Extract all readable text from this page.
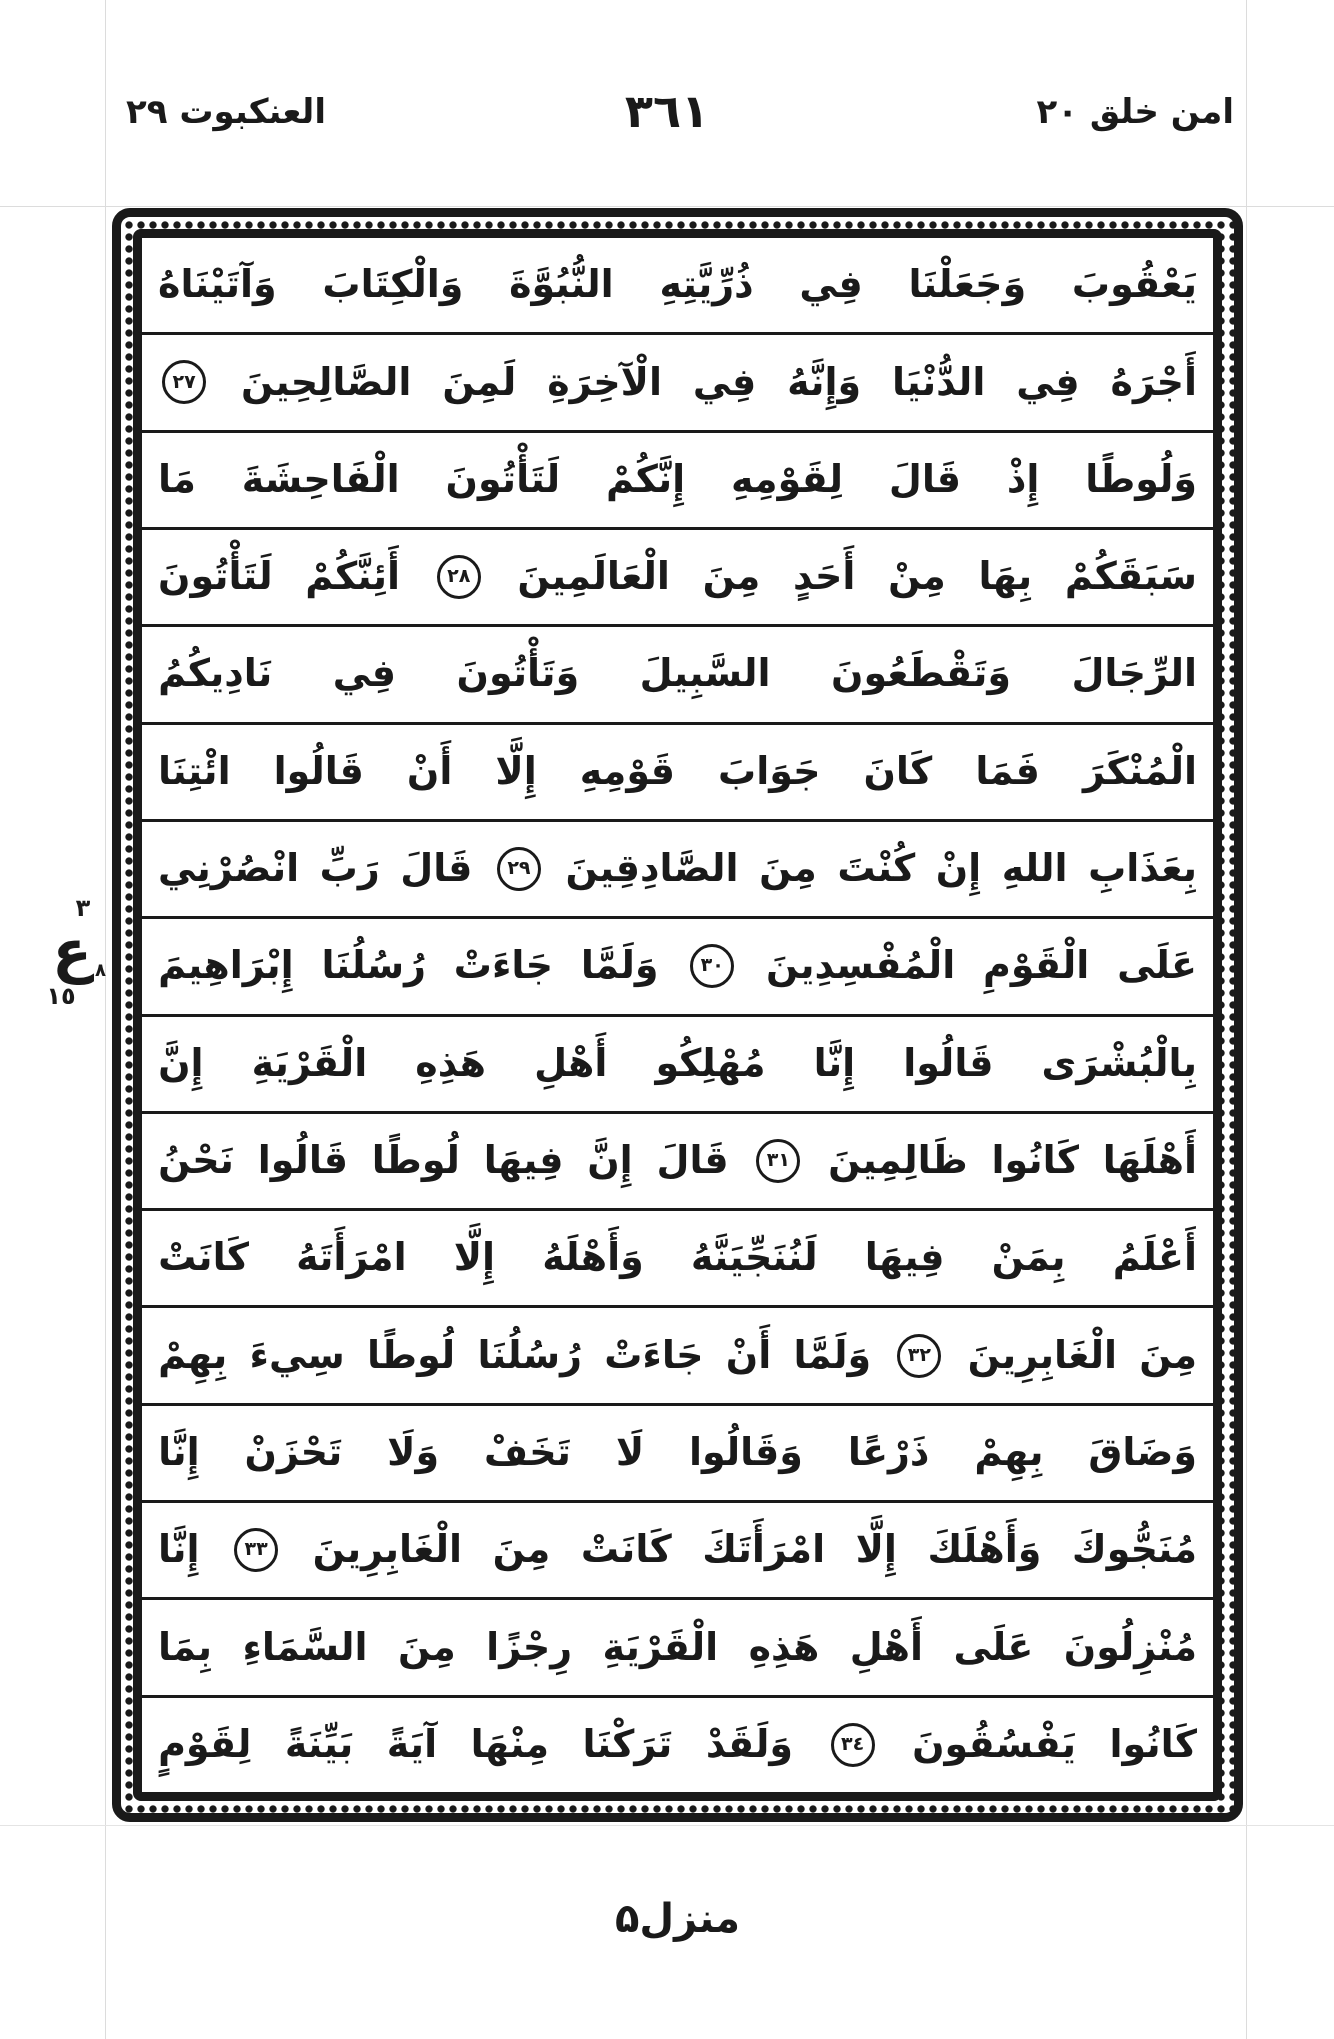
العنكبوت ٢٩	٣٦١	امن خلق ٢٠
يَعْقُوبَ
وَجَعَلْنَا
فِي
ذُرِّيَّتِهِ
النُّبُوَّةَ
وَالْكِتَابَ
وَآتَيْنَاهُ
أَجْرَهُ
فِي
الدُّنْيَا
وَإِنَّهُ
فِي
الْآخِرَةِ
لَمِنَ
الصَّالِحِينَ
٢٧
وَلُوطًا
إِذْ
قَالَ
لِقَوْمِهِ
إِنَّكُمْ
لَتَأْتُونَ
الْفَاحِشَةَ
مَا
سَبَقَكُمْ
بِهَا
مِنْ
أَحَدٍ
مِنَ
الْعَالَمِينَ
٢٨
أَئِنَّكُمْ
لَتَأْتُونَ
الرِّجَالَ
وَتَقْطَعُونَ
السَّبِيلَ
وَتَأْتُونَ
فِي
نَادِيكُمُ
الْمُنْكَرَ
فَمَا
كَانَ
جَوَابَ
قَوْمِهِ
إِلَّا
أَنْ
قَالُوا
ائْتِنَا
بِعَذَابِ
اللهِ
إِنْ
كُنْتَ
مِنَ
الصَّادِقِينَ
٢٩
قَالَ
رَبِّ
انْصُرْنِي
عَلَى
الْقَوْمِ
الْمُفْسِدِينَ
٣٠
وَلَمَّا
جَاءَتْ
رُسُلُنَا
إِبْرَاهِيمَ
بِالْبُشْرَى
قَالُوا
إِنَّا
مُهْلِكُو
أَهْلِ
هَذِهِ
الْقَرْيَةِ
إِنَّ
أَهْلَهَا
كَانُوا
ظَالِمِينَ
٣١
قَالَ
إِنَّ
فِيهَا
لُوطًا
قَالُوا
نَحْنُ
أَعْلَمُ
بِمَنْ
فِيهَا
لَنُنَجِّيَنَّهُ
وَأَهْلَهُ
إِلَّا
امْرَأَتَهُ
كَانَتْ
مِنَ
الْغَابِرِينَ
٣٢
وَلَمَّا
أَنْ
جَاءَتْ
رُسُلُنَا
لُوطًا
سِيءَ
بِهِمْ
وَضَاقَ
بِهِمْ
ذَرْعًا
وَقَالُوا
لَا
تَخَفْ
وَلَا
تَحْزَنْ
إِنَّا
مُنَجُّوكَ
وَأَهْلَكَ
إِلَّا
امْرَأَتَكَ
كَانَتْ
مِنَ
الْغَابِرِينَ
٣٣
إِنَّا
مُنْزِلُونَ
عَلَى
أَهْلِ
هَذِهِ
الْقَرْيَةِ
رِجْزًا
مِنَ
السَّمَاءِ
بِمَا
كَانُوا
يَفْسُقُونَ
٣٤
وَلَقَدْ
تَرَكْنَا
مِنْهَا
آيَةً
بَيِّنَةً
لِقَوْمٍ
٣
ع ٨
١٥
منزل۵
